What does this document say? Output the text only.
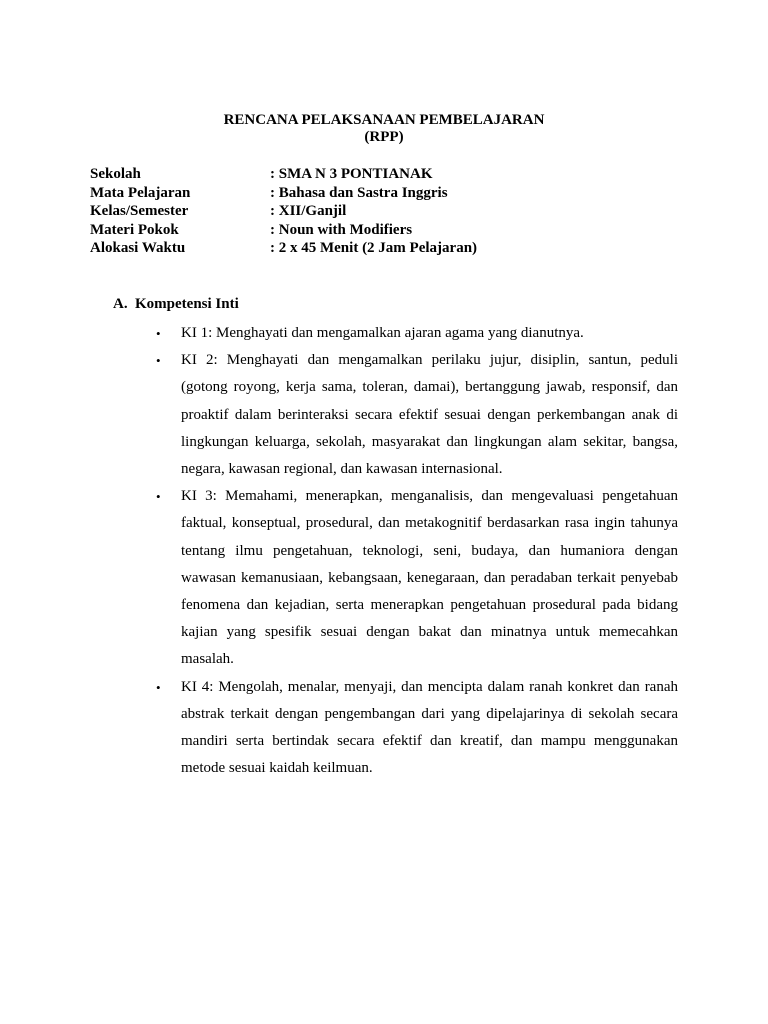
RENCANA PELAKSANAAN PEMBELAJARAN
(RPP)
Sekolah	: SMA N 3 PONTIANAK
Mata Pelajaran	: Bahasa dan Sastra Inggris
Kelas/Semester	: XII/Ganjil
Materi Pokok	: Noun with Modifiers
Alokasi Waktu	: 2 x 45 Menit (2 Jam Pelajaran)
A. Kompetensi Inti

• KI 1: Menghayati dan mengamalkan ajaran agama yang dianutnya.

• KI 2: Menghayati dan mengamalkan perilaku jujur, disiplin, santun, peduli (gotong royong, kerja sama, toleran, damai), bertanggung jawab, responsif, dan proaktif dalam berinteraksi secara efektif sesuai dengan perkembangan anak di lingkungan keluarga, sekolah, masyarakat dan lingkungan alam sekitar, bangsa, negara, kawasan regional, dan kawasan internasional.

• KI 3: Memahami, menerapkan, menganalisis, dan mengevaluasi pengetahuan faktual, konseptual, prosedural, dan metakognitif berdasarkan rasa ingin tahunya tentang ilmu pengetahuan, teknologi, seni, budaya, dan humaniora dengan wawasan kemanusiaan, kebangsaan, kenegaraan, dan peradaban terkait penyebab fenomena dan kejadian, serta menerapkan pengetahuan prosedural pada bidang kajian yang spesifik sesuai dengan bakat dan minatnya untuk memecahkan masalah.

• KI 4: Mengolah, menalar, menyaji, dan mencipta dalam ranah konkret dan ranah abstrak terkait dengan pengembangan dari yang dipelajarinya di sekolah secara mandiri serta bertindak secara efektif dan kreatif, dan mampu menggunakan metode sesuai kaidah keilmuan.
